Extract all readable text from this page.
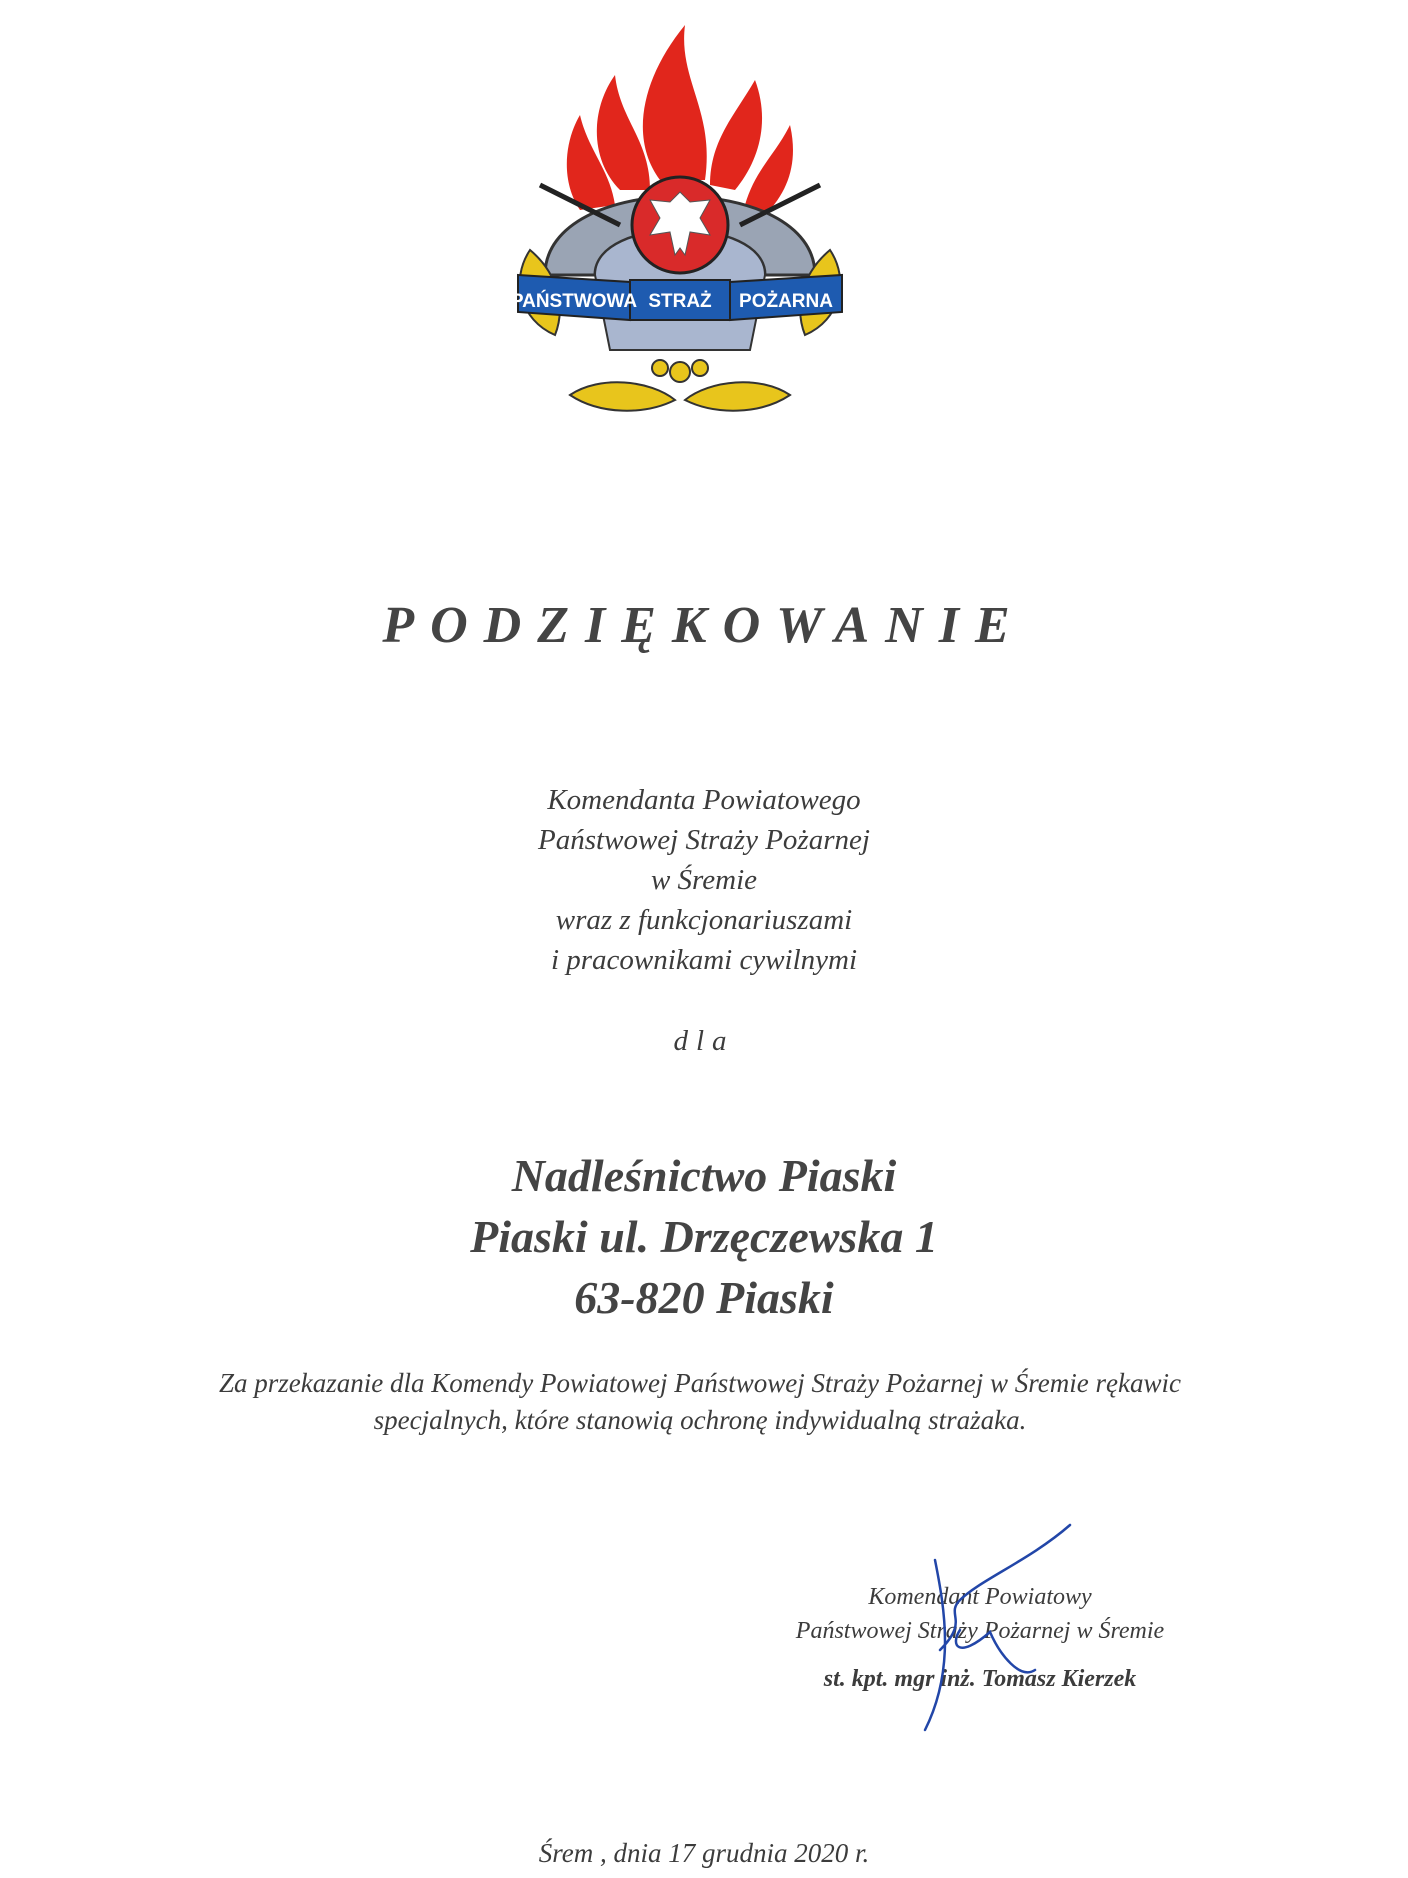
PAŃSTWOWA STRAŻ POŻARNA
PODZIĘKOWANIE
Komendanta Powiatowego
Państwowej Straży Pożarnej
w Śremie
wraz z funkcjonariuszami
i pracownikami cywilnymi
dla
Nadleśnictwo Piaski
Piaski ul. Drzęczewska 1
63-820 Piaski
Za przekazanie dla Komendy Powiatowej Państwowej Straży Pożarnej w Śremie rękawic
specjalnych, które stanowią ochronę indywidualną strażaka.
Komendant Powiatowy
Państwowej Straży Pożarnej w Śremie
st. kpt. mgr inż. Tomasz Kierzek
Śrem , dnia 17 grudnia 2020 r.
